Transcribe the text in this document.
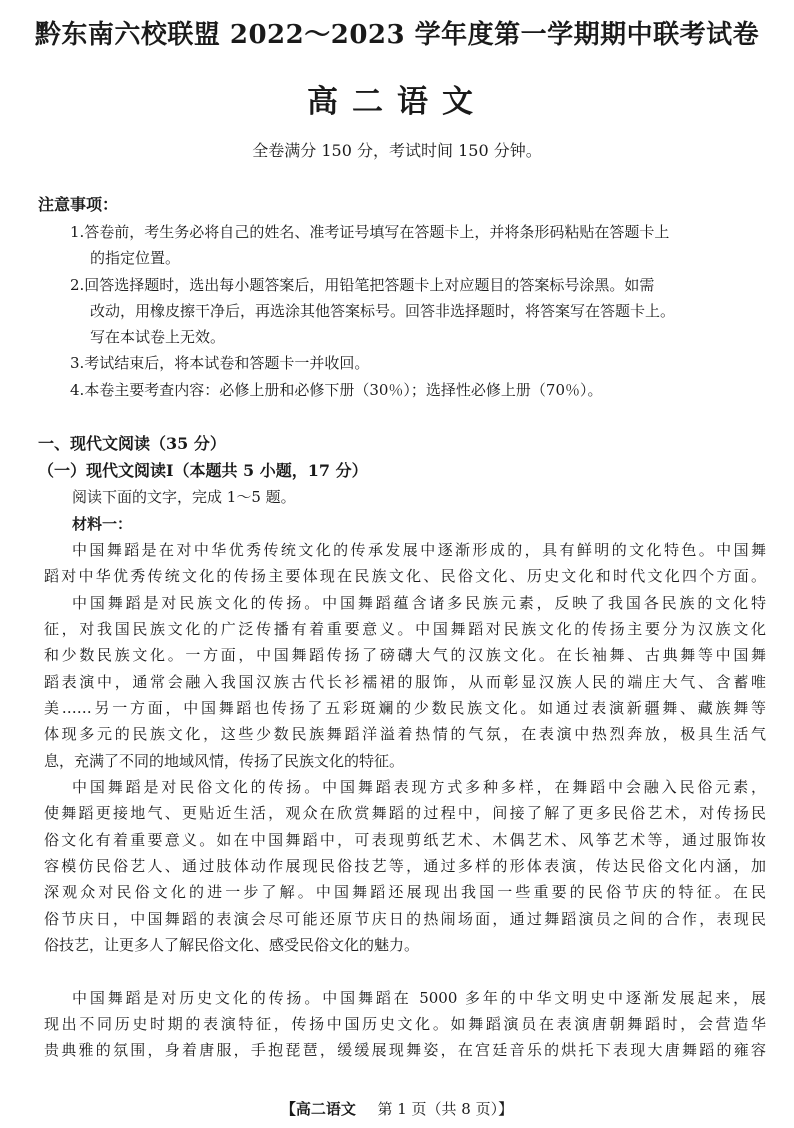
黔东南六校联盟 2022～2023 学年度第一学期期中联考试卷
高二语文
全卷满分 150 分，考试时间 150 分钟。
注意事项：
1.答卷前，考生务必将自己的姓名、准考证号填写在答题卡上，并将条形码粘贴在答题卡上
的指定位置。
2.回答选择题时，选出每小题答案后，用铅笔把答题卡上对应题目的答案标号涂黑。如需
改动，用橡皮擦干净后，再选涂其他答案标号。回答非选择题时，将答案写在答题卡上。
写在本试卷上无效。
3.考试结束后，将本试卷和答题卡一并收回。
4.本卷主要考查内容：必修上册和必修下册（30％）；选择性必修上册（70％）。
一、现代文阅读（35 分）
（一）现代文阅读Ⅰ（本题共 5 小题，17 分）
阅读下面的文字，完成 1～5 题。
材料一：
中国舞蹈是在对中华优秀传统文化的传承发展中逐渐形成的，具有鲜明的文化特色。中国舞
蹈对中华优秀传统文化的传扬主要体现在民族文化、民俗文化、历史文化和时代文化四个方面。
中国舞蹈是对民族文化的传扬。中国舞蹈蕴含诸多民族元素，反映了我国各民族的文化特
征，对我国民族文化的广泛传播有着重要意义。中国舞蹈对民族文化的传扬主要分为汉族文化
和少数民族文化。一方面，中国舞蹈传扬了磅礴大气的汉族文化。在长袖舞、古典舞等中国舞
蹈表演中，通常会融入我国汉族古代长衫襦裙的服饰，从而彰显汉族人民的端庄大气、含蓄唯
美……另一方面，中国舞蹈也传扬了五彩斑斓的少数民族文化。如通过表演新疆舞、藏族舞等
体现多元的民族文化，这些少数民族舞蹈洋溢着热情的气氛，在表演中热烈奔放，极具生活气
息，充满了不同的地域风情，传扬了民族文化的特征。
中国舞蹈是对民俗文化的传扬。中国舞蹈表现方式多种多样，在舞蹈中会融入民俗元素，
使舞蹈更接地气、更贴近生活，观众在欣赏舞蹈的过程中，间接了解了更多民俗艺术，对传扬民
俗文化有着重要意义。如在中国舞蹈中，可表现剪纸艺术、木偶艺术、风筝艺术等，通过服饰妆
容模仿民俗艺人、通过肢体动作展现民俗技艺等，通过多样的形体表演，传达民俗文化内涵，加
深观众对民俗文化的进一步了解。中国舞蹈还展现出我国一些重要的民俗节庆的特征。在民
俗节庆日，中国舞蹈的表演会尽可能还原节庆日的热闹场面，通过舞蹈演员之间的合作，表现民
俗技艺，让更多人了解民俗文化、感受民俗文化的魅力。
中国舞蹈是对历史文化的传扬。中国舞蹈在 5000 多年的中华文明史中逐渐发展起来，展
现出不同历史时期的表演特征，传扬中国历史文化。如舞蹈演员在表演唐朝舞蹈时，会营造华
贵典雅的氛围，身着唐服，手抱琵琶，缓缓展现舞姿，在宫廷音乐的烘托下表现大唐舞蹈的雍容
【高二语文 第 1 页（共 8 页）】
